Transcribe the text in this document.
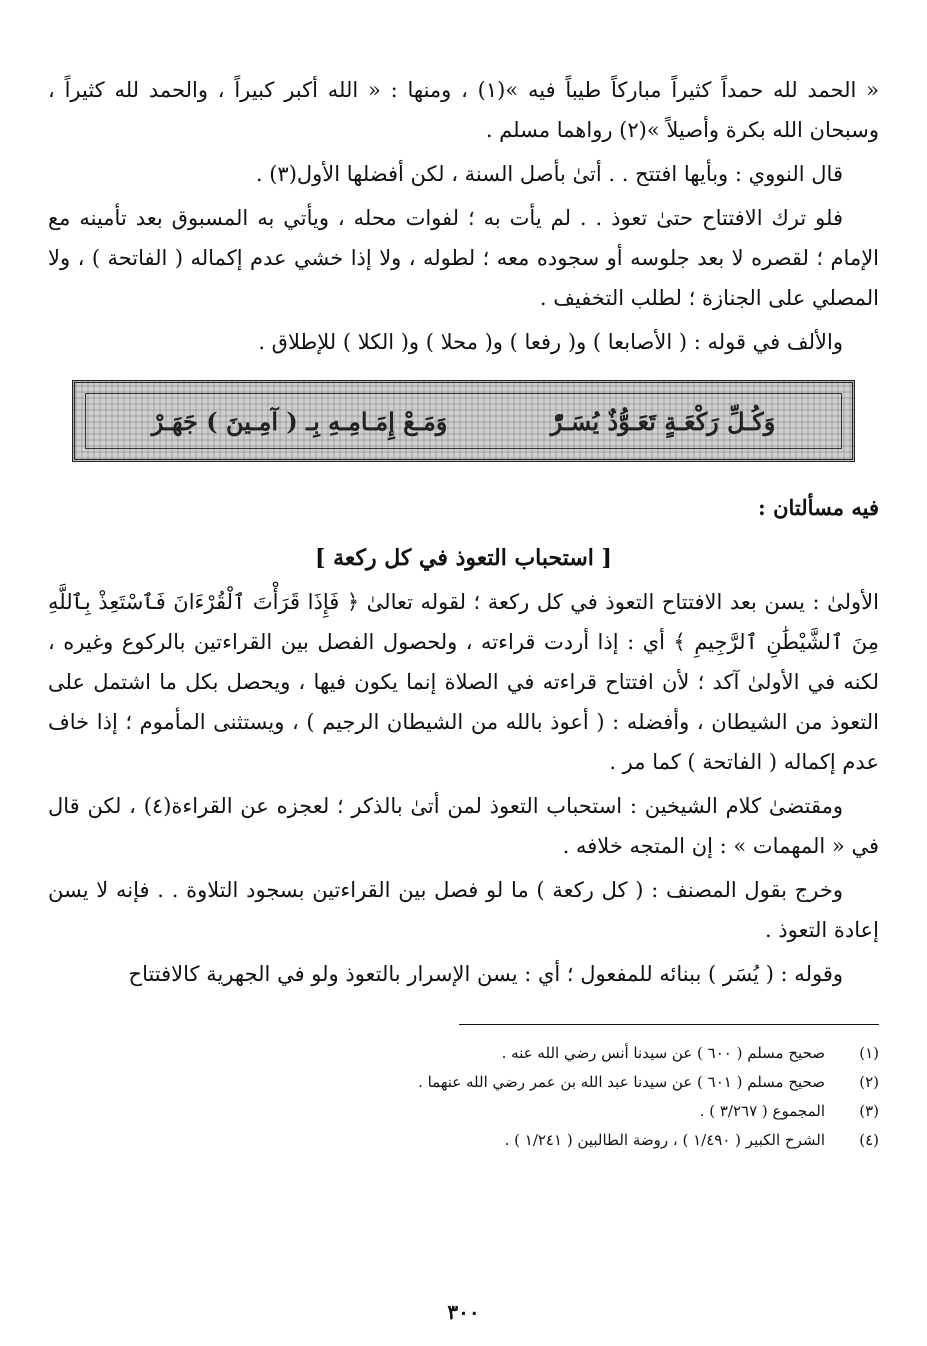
« الحمد لله حمداً كثيراً مباركاً طيباً فيه »(١) ، ومنها : « الله أكبر كبيراً ، والحمد لله كثيراً ، وسبحان الله بكرة وأصيلاً »(٢) رواهما مسلم .

قال النووي : وبأيها افتتح . . أتىٰ بأصل السنة ، لكن أفضلها الأول(٣) .

فلو ترك الافتتاح حتىٰ تعوذ . . لم يأت به ؛ لفوات محله ، ويأتي به المسبوق بعد تأمينه مع الإمام ؛ لقصره لا بعد جلوسه أو سجوده معه ؛ لطوله ، ولا إذا خشي عدم إكماله ( الفاتحة ) ، ولا المصلي على الجنازة ؛ لطلب التخفيف .

والألف في قوله : ( الأصابعا ) و( رفعا ) و( محلا ) و( الكلا ) للإطلاق .

وَكُـلِّ رَكْعَـةٍ تَعَـوُّذٌ يُسَـرّْ
وَمَـعْ إِمَـامِـهِ بِـ ( آمِـينَ ) جَهَـرْ
فيه مسألتان :
[ استحباب التعوذ في كل ركعة ]

الأولىٰ : يسن بعد الافتتاح التعوذ في كل ركعة ؛ لقوله تعالىٰ ﴿ فَإِذَا قَرَأْتَ ٱلْقُرْءَانَ فَٱسْتَعِذْ بِٱللَّهِ مِنَ ٱلشَّيْطَٰنِ ٱلرَّجِيمِ ﴾ أي : إذا أردت قراءته ، ولحصول الفصل بين القراءتين بالركوع وغيره ، لكنه في الأولىٰ آكد ؛ لأن افتتاح قراءته في الصلاة إنما يكون فيها ، ويحصل بكل ما اشتمل على التعوذ من الشيطان ، وأفضله : ( أعوذ بالله من الشيطان الرجيم ) ، ويستثنى المأموم ؛ إذا خاف عدم إكماله ( الفاتحة ) كما مر .

ومقتضىٰ كلام الشيخين : استحباب التعوذ لمن أتىٰ بالذكر ؛ لعجزه عن القراءة(٤) ، لكن قال في « المهمات » : إن المتجه خلافه .

وخرج بقول المصنف : ( كل ركعة ) ما لو فصل بين القراءتين بسجود التلاوة . . فإنه لا يسن إعادة التعوذ .

وقوله : ( يُسَر ) ببنائه للمفعول ؛ أي : يسن الإسرار بالتعوذ ولو في الجهرية كالافتتاح

(١)
صحيح مسلم ( ٦٠٠ ) عن سيدنا أنس رضي الله عنه .
(٢)
صحيح مسلم ( ٦٠١ ) عن سيدنا عبد الله بن عمر رضي الله عنهما .
(٣)
المجموع ( ٣/٢٦٧ ) .
(٤)
الشرح الكبير ( ١/٤٩٠ ) ، روضة الطالبين ( ١/٢٤١ ) .
٣٠٠
